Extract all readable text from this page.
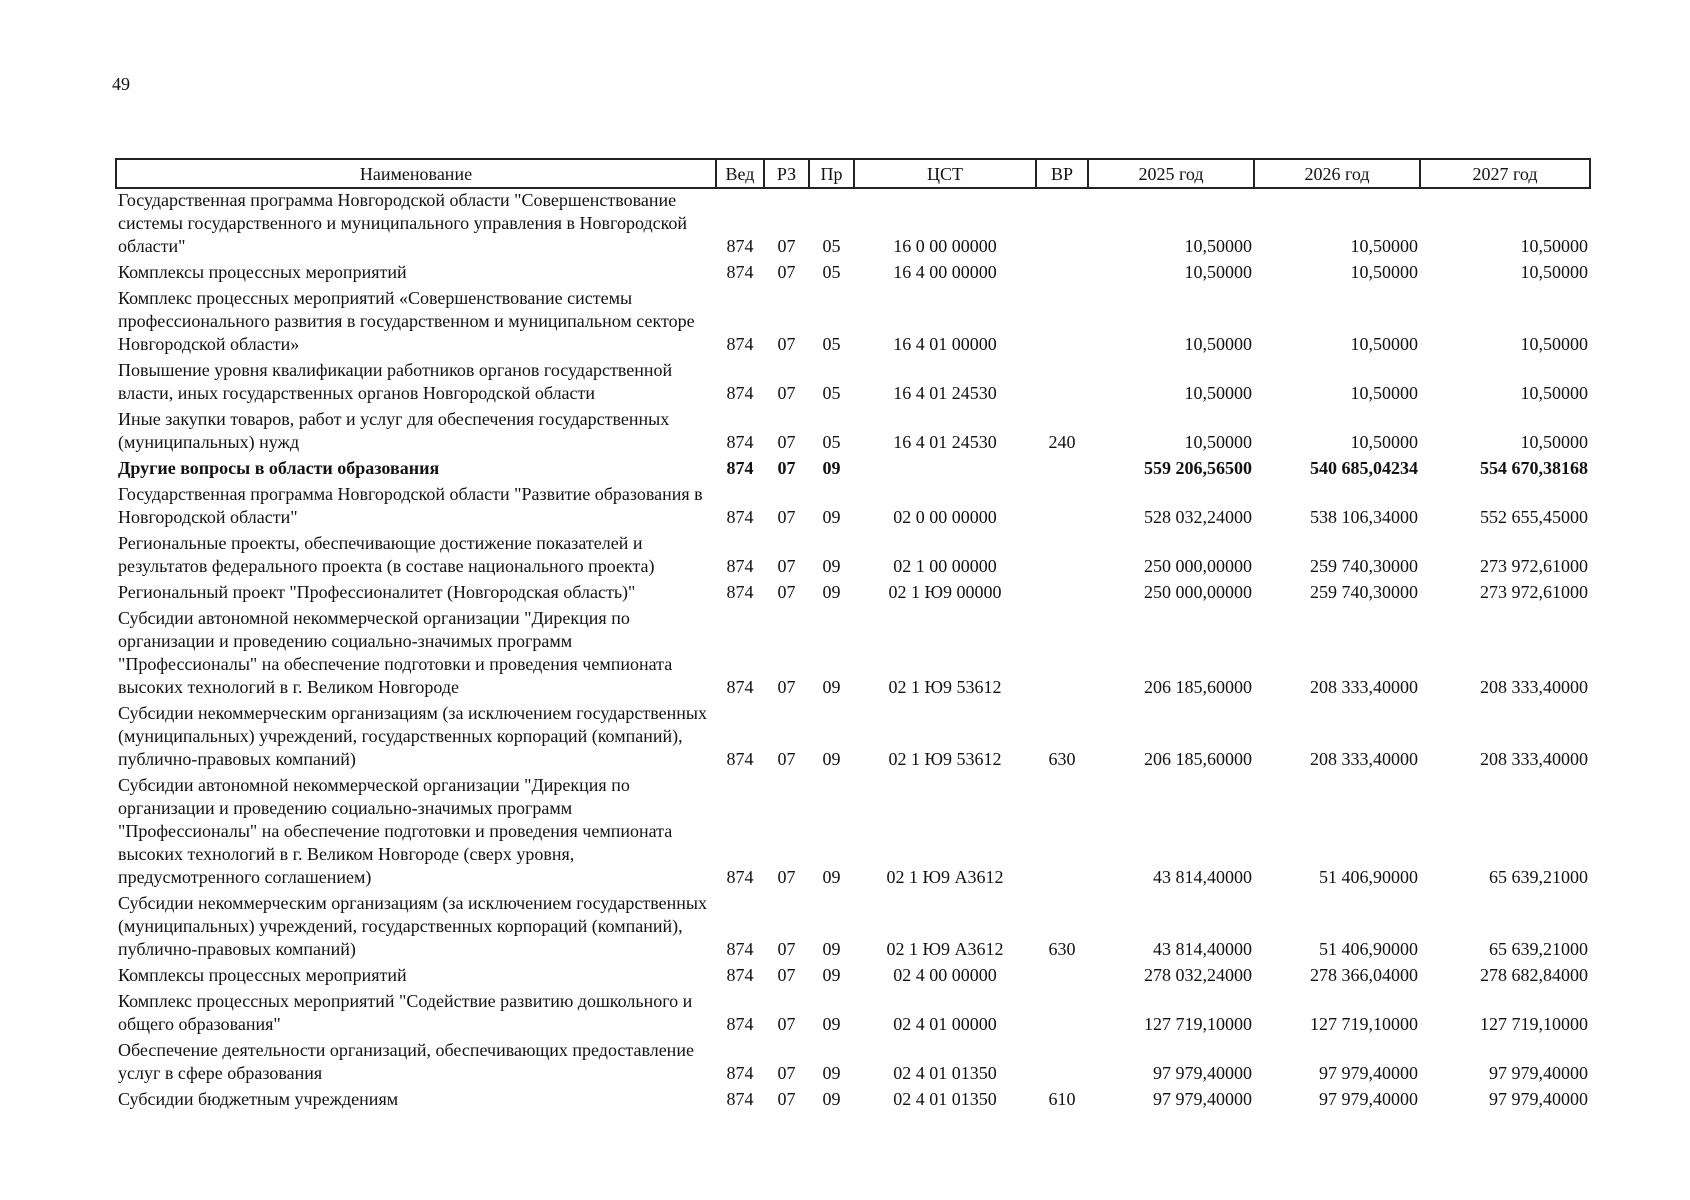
49
Наименование	Вед	РЗ	Пр	ЦСТ	ВР	2025 год	2026 год	2027 год
Государственная программа Новгородской области "Совершенствование системы государственного и муниципального управления в Новгородской области"	874	07	05	16 0 00 00000		10,50000	10,50000	10,50000
Комплексы процессных мероприятий	874	07	05	16 4 00 00000		10,50000	10,50000	10,50000
Комплекс процессных мероприятий «Совершенствование системы профессионального развития в государственном и муниципальном секторе Новгородской области»	874	07	05	16 4 01 00000		10,50000	10,50000	10,50000
Повышение уровня квалификации работников органов государственной власти, иных государственных органов Новгородской области	874	07	05	16 4 01 24530		10,50000	10,50000	10,50000
Иные закупки товаров, работ и услуг для обеспечения государственных (муниципальных) нужд	874	07	05	16 4 01 24530	240	10,50000	10,50000	10,50000
Другие вопросы в области образования	874	07	09			559 206,56500	540 685,04234	554 670,38168
Государственная программа Новгородской области "Развитие образования в Новгородской области"	874	07	09	02 0 00 00000		528 032,24000	538 106,34000	552 655,45000
Региональные проекты, обеспечивающие достижение показателей и результатов федерального проекта (в составе национального проекта)	874	07	09	02 1 00 00000		250 000,00000	259 740,30000	273 972,61000
Региональный проект "Профессионалитет (Новгородская область)"	874	07	09	02 1 Ю9 00000		250 000,00000	259 740,30000	273 972,61000
Субсидии автономной некоммерческой организации "Дирекция по организации и проведению социально-значимых программ "Профессионалы" на обеспечение подготовки и проведения чемпионата высоких технологий в г. Великом Новгороде	874	07	09	02 1 Ю9 53612		206 185,60000	208 333,40000	208 333,40000
Субсидии некоммерческим организациям (за исключением государственных (муниципальных) учреждений, государственных корпораций (компаний), публично-правовых компаний)	874	07	09	02 1 Ю9 53612	630	206 185,60000	208 333,40000	208 333,40000
Субсидии автономной некоммерческой организации "Дирекция по организации и проведению социально-значимых программ "Профессионалы" на обеспечение подготовки и проведения чемпионата высоких технологий в г. Великом Новгороде (сверх уровня, предусмотренного соглашением)	874	07	09	02 1 Ю9 А3612		43 814,40000	51 406,90000	65 639,21000
Субсидии некоммерческим организациям (за исключением государственных (муниципальных) учреждений, государственных корпораций (компаний), публично-правовых компаний)	874	07	09	02 1 Ю9 А3612	630	43 814,40000	51 406,90000	65 639,21000
Комплексы процессных мероприятий	874	07	09	02 4 00 00000		278 032,24000	278 366,04000	278 682,84000
Комплекс процессных мероприятий "Содействие развитию дошкольного и общего образования"	874	07	09	02 4 01 00000		127 719,10000	127 719,10000	127 719,10000
Обеспечение деятельности организаций, обеспечивающих предоставление услуг в сфере образования	874	07	09	02 4 01 01350		97 979,40000	97 979,40000	97 979,40000
Субсидии бюджетным учреждениям	874	07	09	02 4 01 01350	610	97 979,40000	97 979,40000	97 979,40000
